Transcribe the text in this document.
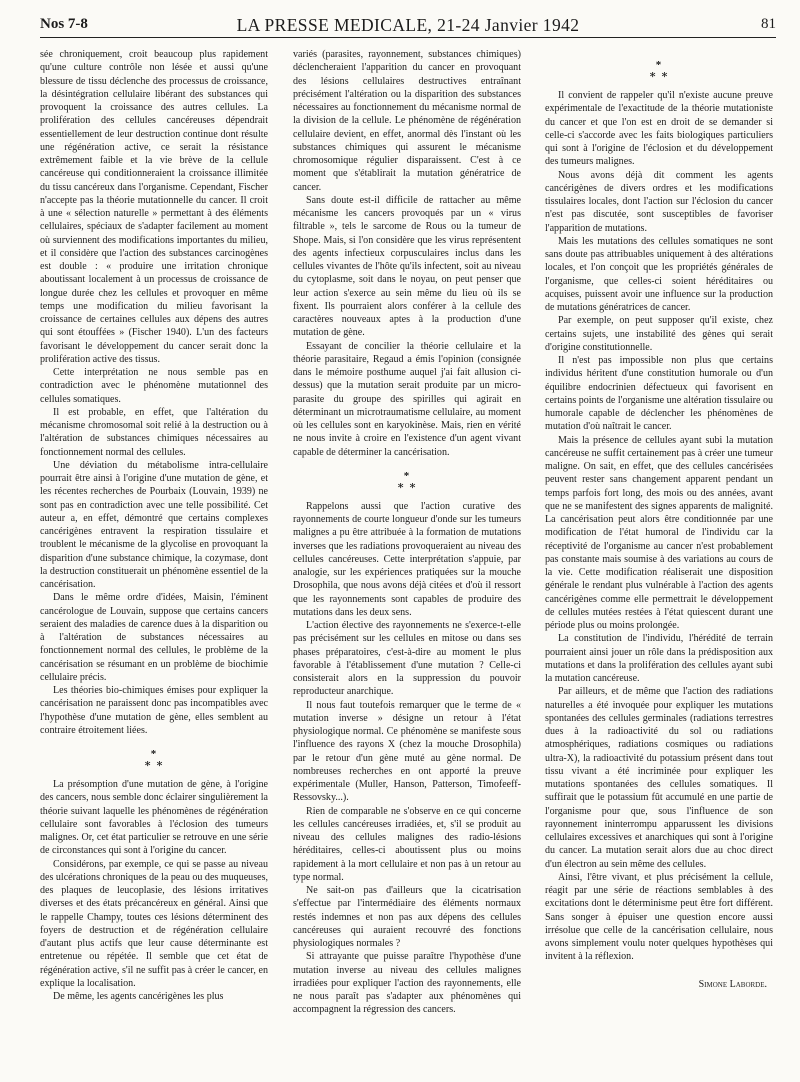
Nos 7-8	LA PRESSE MEDICALE, 21-24 Janvier 1942	81

sée chroniquement, croit beaucoup plus rapidement qu'une culture contrôle non lésée et aussi qu'une blessure de tissu déclenche des processus de croissance, la désintégration cellulaire libérant des substances qui provoquent la croissance des autres cellules. La prolifération des cellules cancéreuses dépendrait essentiellement de leur destruction continue dont résulte une régénération active, ce serait la résistance extrêmement faible et la vie brève de la cellule cancéreuse qui conditionneraient la croissance illimitée du tissu cancéreux dans l'organisme. Cependant, Fischer n'accepte pas la théorie mutationnelle du cancer. Il croit à une « sélection naturelle » permettant à des éléments cellulaires, spéciaux de s'adapter facilement au moment où surviennent des modifications importantes du milieu, et il considère que l'action des substances carcinogènes est double : « produire une irritation chronique aboutissant localement à un processus de croissance de longue durée chez les cellules et provoquer en même temps une modification du milieu favorisant la croissance de certaines cellules aux dépens des autres qui sont étouffées » (Fischer 1940). L'un des facteurs favorisant le développement du cancer serait donc la prolifération active des tissus.

Cette interprétation ne nous semble pas en contradiction avec le phénomène mutationnel des cellules somatiques.

Il est probable, en effet, que l'altération du mécanisme chromosomal soit relié à la destruction ou à l'altération de substances chimiques nécessaires au fonctionnement normal des cellules.

Une déviation du métabolisme intra-cellulaire pourrait être ainsi à l'origine d'une mutation de gène, et les récentes recherches de Pourbaix (Louvain, 1939) ne sont pas en contradiction avec une telle possibilité. Cet auteur a, en effet, démontré que certains complexes cancérigènes entravent la respiration tissulaire et troublent le mécanisme de la glycolise en provoquant la disparition d'une substance chimique, la cozymase, dont la destruction constituerait un phénomène essentiel de la cancérisation.

Dans le même ordre d'idées, Maisin, l'éminent cancérologue de Louvain, suppose que certains cancers seraient des maladies de carence dues à la disparition ou à l'altération de substances nécessaires au fonctionnement normal des cellules, le problème de la cancérisation se résumant en un problème de biochimie cellulaire précis.

Les théories bio-chimiques émises pour expliquer la cancérisation ne paraissent donc pas incompatibles avec l'hypothèse d'une mutation de gène, elles semblent au contraire étroitement liées.

*
∗ ∗

La présomption d'une mutation de gène, à l'origine des cancers, nous semble donc éclairer singulièrement la théorie suivant laquelle les phénomènes de régénération cellulaire sont favorables à l'éclosion des tumeurs malignes. Or, cet état particulier se retrouve en une série de circonstances qui sont à l'origine du cancer.

Considérons, par exemple, ce qui se passe au niveau des ulcérations chroniques de la peau ou des muqueuses, des plaques de leucoplasie, des lésions irritatives diverses et des états précancéreux en général. Ainsi que le rappelle Champy, toutes ces lésions déterminent des foyers de destruction et de régénération cellulaire d'autant plus actifs que leur cause déterminante est entretenue ou répétée. Il semble que cet état de régénération active, s'il ne suffit pas à créer le cancer, en explique la localisation.

De même, les agents cancérigènes les plus

variés (parasites, rayonnement, substances chimiques) déclencheraient l'apparition du cancer en provoquant des lésions cellulaires destructives entraînant précisément l'altération ou la disparition des substances nécessaires au fonctionnement du mécanisme normal de la division de la cellule. Le phénomène de régénération cellulaire devient, en effet, anormal dès l'instant où les substances chimiques qui assurent le mécanisme chromosomique régulier disparaissent. C'est à ce moment que s'établirait la mutation génératrice de cancer.

Sans doute est-il difficile de rattacher au même mécanisme les cancers provoqués par un « virus filtrable », tels le sarcome de Rous ou la tumeur de Shope. Mais, si l'on considère que les virus représentent des agents infectieux corpusculaires inclus dans les cellules vivantes de l'hôte qu'ils infectent, soit au niveau du cytoplasme, soit dans le noyau, on peut penser que leur action s'exerce au sein même du lieu où ils se fixent. Ils pourraient alors conférer à la cellule des caractères nouveaux aptes à la production d'une mutation de gène.

Essayant de concilier la théorie cellulaire et la théorie parasitaire, Regaud a émis l'opinion (consignée dans le mémoire posthume auquel j'ai fait allusion ci-dessus) que la mutation serait produite par un micro-parasite du groupe des spirilles qui agirait en déterminant un microtraumatisme cellulaire, au moment où les cellules sont en karyokinèse. Mais, rien en vérité ne nous invite à croire en l'existence d'un agent vivant capable de déterminer la cancérisation.

*
∗ ∗

Rappelons aussi que l'action curative des rayonnements de courte longueur d'onde sur les tumeurs malignes a pu être attribuée à la formation de mutations inverses que les radiations provoqueraient au niveau des cellules cancéreuses. Cette interprétation s'appuie, par analogie, sur les expériences pratiquées sur la mouche Drosophila, que nous avons déjà citées et d'où il ressort que les rayonnements sont capables de produire des mutations dans les deux sens.

L'action élective des rayonnements ne s'exerce-t-elle pas précisément sur les cellules en mitose ou dans ses phases préparatoires, c'est-à-dire au moment le plus favorable à l'établissement d'une mutation ? Celle-ci consisterait alors en la suppression du pouvoir reproducteur anarchique.

Il nous faut toutefois remarquer que le terme de « mutation inverse » désigne un retour à l'état physiologique normal. Ce phénomène se manifeste sous l'influence des rayons X (chez la mouche Drosophila) par le retour d'un gène muté au gène normal. De nombreuses recherches en ont apporté la preuve expérimentale (Muller, Hanson, Patterson, Timofeeff-Ressovsky...).

Rien de comparable ne s'observe en ce qui concerne les cellules cancéreuses irradiées, et, s'il se produit au niveau des cellules malignes des radio-lésions héréditaires, celles-ci aboutissent plus ou moins rapidement à la mort cellulaire et non pas à un retour au type normal.

Ne sait-on pas d'ailleurs que la cicatrisation s'effectue par l'intermédiaire des éléments normaux restés indemnes et non pas aux dépens des cellules cancéreuses qui auraient recouvré des fonctions physiologiques normales ?

Si attrayante que puisse paraître l'hypothèse d'une mutation inverse au niveau des cellules malignes irradiées pour expliquer l'action des rayonnements, elle ne nous paraît pas s'adapter aux phénomènes qui accompagnent la régression des cancers.

*
∗ ∗

Il convient de rappeler qu'il n'existe aucune preuve expérimentale de l'exactitude de la théorie mutationiste du cancer et que l'on est en droit de se demander si celle-ci s'accorde avec les faits biologiques particuliers qui sont à l'origine de l'éclosion et du développement des tumeurs malignes.

Nous avons déjà dit comment les agents cancérigènes de divers ordres et les modifications tissulaires locales, dont l'action sur l'éclosion du cancer n'est pas discutée, sont susceptibles de favoriser l'apparition de mutations.

Mais les mutations des cellules somatiques ne sont sans doute pas attribuables uniquement à des altérations locales, et l'on conçoit que les propriétés générales de l'organisme, que celles-ci soient héréditaires ou acquises, puissent avoir une influence sur la production de mutations génératrices de cancer.

Par exemple, on peut supposer qu'il existe, chez certains sujets, une instabilité des gènes qui serait d'origine constitutionnelle.

Il n'est pas impossible non plus que certains individus héritent d'une constitution humorale ou d'un équilibre endocrinien défectueux qui favorisent en certains points de l'organisme une altération tissulaire ou humorale capable de déclencher les phénomènes de mutation d'où naîtrait le cancer.

Mais la présence de cellules ayant subi la mutation cancéreuse ne suffit certainement pas à créer une tumeur maligne. On sait, en effet, que des cellules cancérisées peuvent rester sans changement apparent pendant un temps parfois fort long, des mois ou des années, avant que ne se manifestent des signes apparents de malignité. La cancérisation peut alors être conditionnée par une modification de l'état humoral de l'individu car la réceptivité de l'organisme au cancer n'est probablement pas constante mais soumise à des variations au cours de la vie. Cette modification réaliserait une disposition générale le rendant plus vulnérable à l'action des agents cancérigènes comme elle permettrait le développement de cellules mutées restées à l'état quiescent durant une période plus ou moins prolongée.

La constitution de l'individu, l'hérédité de terrain pourraient ainsi jouer un rôle dans la prédisposition aux mutations et dans la prolifération des cellules ayant subi la mutation cancéreuse.

Par ailleurs, et de même que l'action des radiations naturelles a été invoquée pour expliquer les mutations spontanées des cellules germinales (radiations terrestres dues à la radioactivité du sol ou radiations atmosphériques, radiations cosmiques ou radiations ultra-X), la radioactivité du potassium présent dans tout tissu vivant a été incriminée pour expliquer les mutations spontanées des cellules somatiques. Il suffirait que le potassium fût accumulé en une partie de l'organisme pour que, sous l'influence de son rayonnement ininterrompu apparussent les divisions cellulaires excessives et anarchiques qui sont à l'origine du cancer. La mutation serait alors due au choc direct d'un électron au sein même des cellules.

Ainsi, l'être vivant, et plus précisément la cellule, réagit par une série de réactions semblables à des excitations dont le déterminisme peut être fort différent. Sans songer à épuiser une question encore aussi irrésolue que celle de la cancérisation cellulaire, nous avons simplement voulu noter quelques hypothèses qui invitent à la réflexion.

Simone Laborde.
